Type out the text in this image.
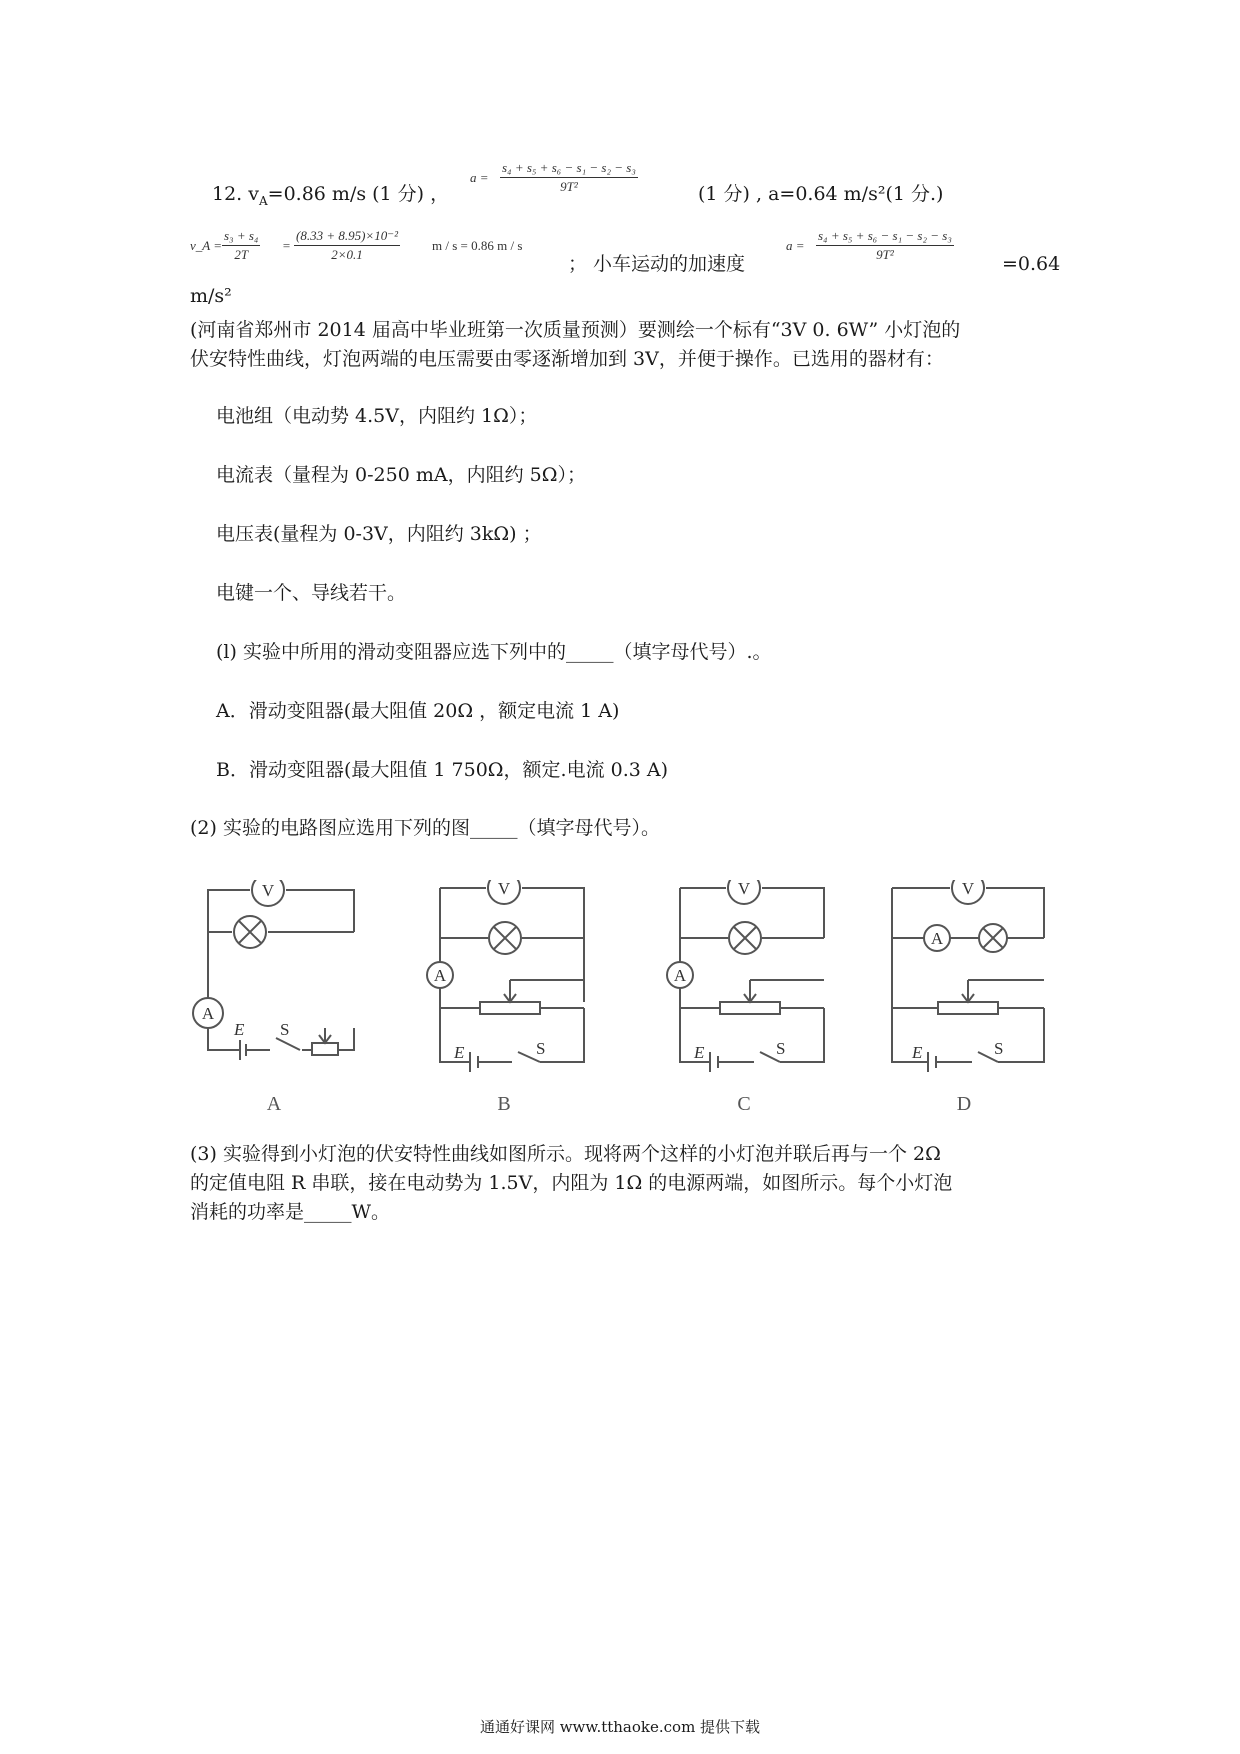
12. $v_A=0.86$ m/s (1 分) ，
$a = \frac{\text{s₄ + s₅ + s₆ − s₁ − s₂ − s₃}}{\text{9T²}}$	(1 分) , a=0.64 m/s²(1 分.)
v_A = $\frac{\text{s₃ + s₄}}{2T} = \frac{\text{(8.33 + 8.95)×10⁻²}}{2\times 0.1}$ m / s = 0.86 m / s
； 小车运动的加速度
$a = \frac{\text{s₄ + s₅ + s₆ − s₁ − s₂ − s₃}}{\text{9T²}}$
=0.64
m/s²
(河南省郑州市 2014 届高中毕业班第一次质量预测）要测绘一个标有“3V 0. 6W” 小灯泡的
伏安特性曲线，灯泡两端的电压需要由零逐渐增加到 3V，并便于操作。已选用的器材有：
电池组（电动势 4.5V，内阻约 1Ω）；
电流表（量程为 0-250 mA，内阻约 5Ω）；
电压表(量程为 0-3V，内阻约 3kΩ) ；
电键一个、导线若干。
(l) 实验中所用的滑动变阻器应选下列中的_____（填字母代号）.。
A．滑动变阻器(最大阻值 20Ω ，额定电流 1 A)
B．滑动变阻器(最大阻值 1 750Ω，额定.电流 0.3 A)
(2) 实验的电路图应选用下列的图_____（填字母代号）。
V
A
E S
A
V
A
E	S
B
V
A
E	S
C
V
A
E	S
D
(3) 实验得到小灯泡的伏安特性曲线如图所示。现将两个这样的小灯泡并联后再与一个 2Ω
的定值电阻 R 串联，接在电动势为 1.5V，内阻为 1Ω 的电源两端，如图所示。每个小灯泡
消耗的功率是_____W。
通通好课网 www.tthaoke.com 提供下载
